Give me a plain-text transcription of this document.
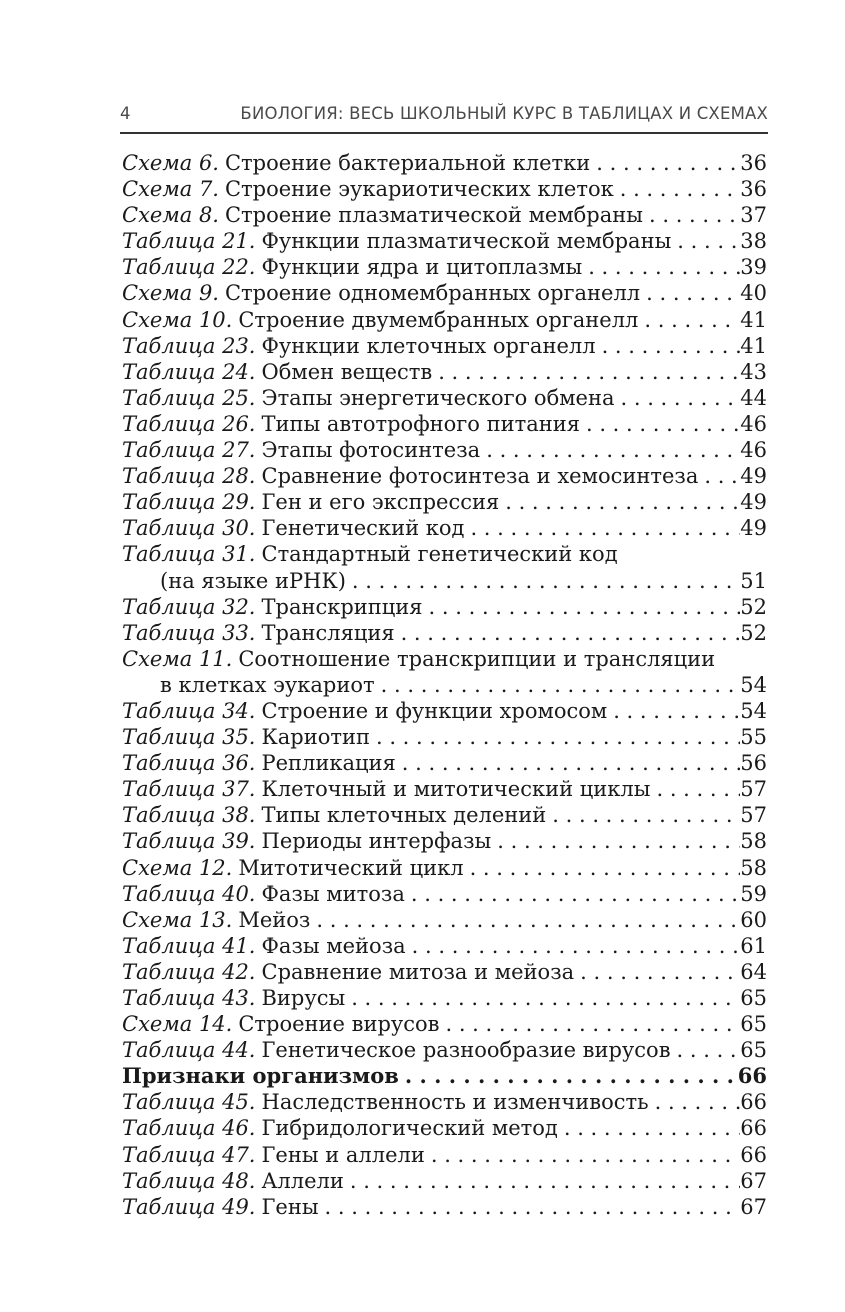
4	БИОЛОГИЯ: ВЕСЬ ШКОЛЬНЫЙ КУРС В ТАБЛИЦАХ И СХЕМАХ
Схема 6. Строение бактериальной клетки . . .	36
Схема 7. Строение эукариотических клеток . . .	36
Схема 8. Строение плазматической мембраны . . .	37
Таблица 21. Функции плазматической мембраны . . .	38
Таблица 22. Функции ядра и цитоплазмы . . .	39
Схема 9. Строение одномембранных органелл . . .	40
Схема 10. Строение двумембранных органелл . . .	41
Таблица 23. Функции клеточных органелл . . .	41
Таблица 24. Обмен веществ . . .	43
Таблица 25. Этапы энергетического обмена . . .	44
Таблица 26. Типы автотрофного питания . . .	46
Таблица 27. Этапы фотосинтеза . . .	46
Таблица 28. Сравнение фотосинтеза и хемосинтеза . . . 49
Таблица 29. Ген и его экспрессия . . .	49
Таблица 30. Генетический код . . .	49
Таблица 31. Стандартный генетический код
(на языке иРНК) . . .	51
Таблица 32. Транскрипция . . .	52
Таблица 33. Трансляция . . .	52
Схема 11. Соотношение транскрипции и трансляции
в клетках эукариот . . .	54
Таблица 34. Строение и функции хромосом . . .	54
Таблица 35. Кариотип . . .	55
Таблица 36. Репликация . . .	56
Таблица 37. Клеточный и митотический циклы . . .	57
Таблица 38. Типы клеточных делений . . .	57
Таблица 39. Периоды интерфазы . . .	58
Схема 12. Митотический цикл . . .	58
Таблица 40. Фазы митоза . . .	59
Схема 13. Мейоз . . .	60
Таблица 41. Фазы мейоза . . .	61
Таблица 42. Сравнение митоза и мейоза . . .	64
Таблица 43. Вирусы . . .	65
Схема 14. Строение вирусов . . .	65
Таблица 44. Генетическое разнообразие вирусов . . .	65
Признаки организмов . . .	66
Таблица 45. Наследственность и изменчивость . . .	66
Таблица 46. Гибридологический метод . . .	66
Таблица 47. Гены и аллели . . .	66
Таблица 48. Аллели . . .	67
Таблица 49. Гены . . .	67
